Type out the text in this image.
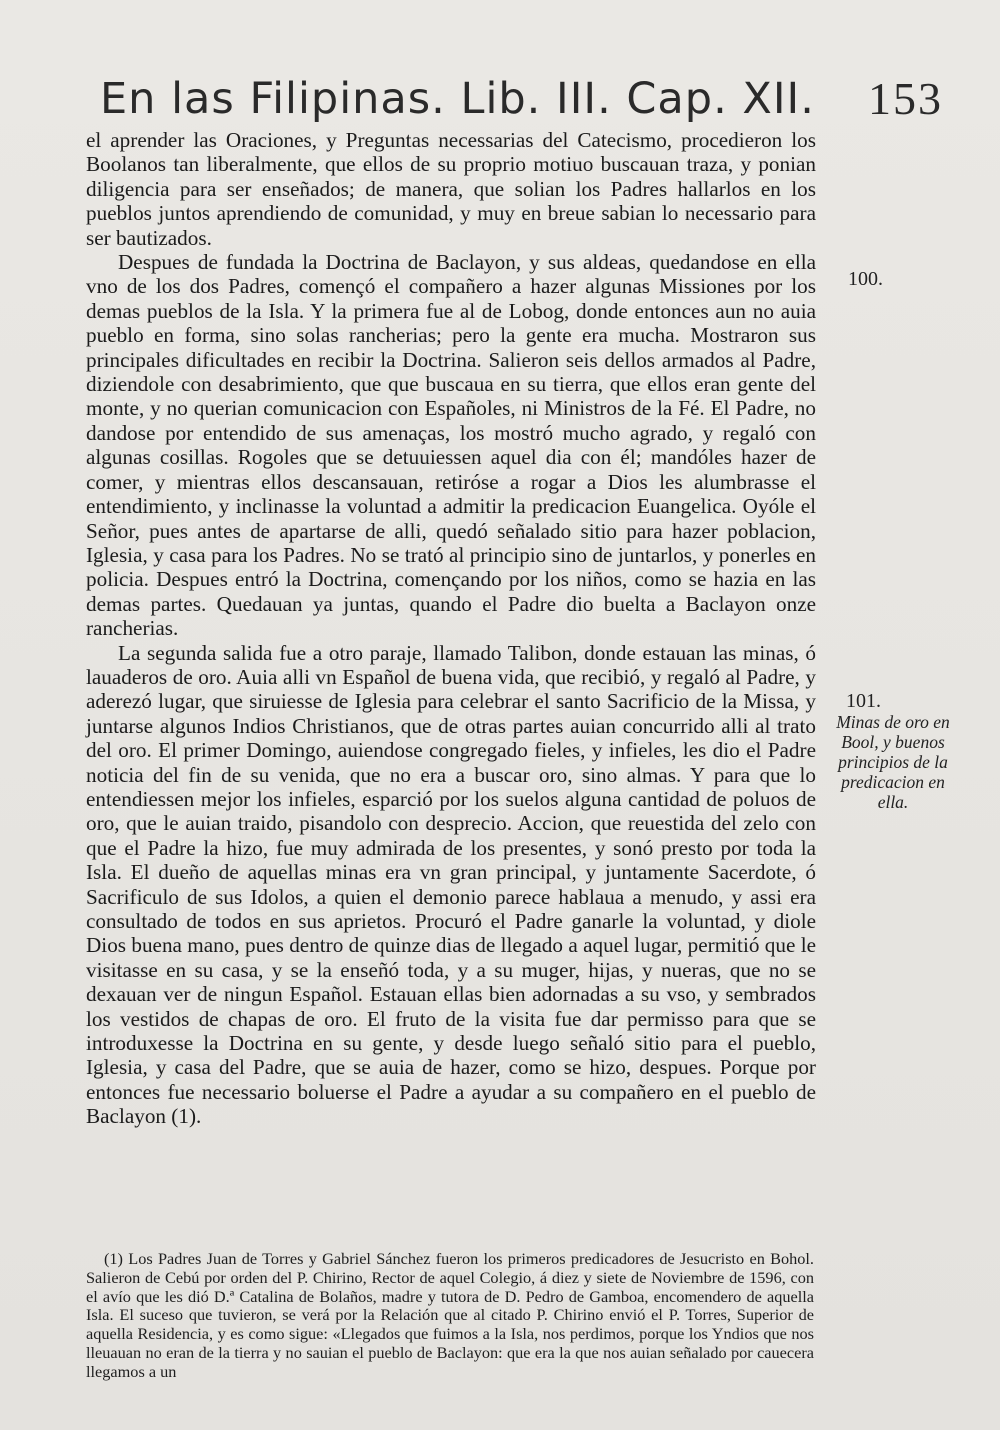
En las Filipinas. Lib. III. Cap. XII. 153

el aprender las Oraciones, y Preguntas necessarias del Catecismo, procedieron los Boolanos tan liberalmente, que ellos de su proprio motiuo buscauan traza, y ponian diligencia para ser enseñados; de manera, que solian los Padres hallarlos en los pueblos juntos aprendiendo de comunidad, y muy en breue sabian lo necessario para ser bautizados.

Despues de fundada la Doctrina de Baclayon, y sus aldeas, quedandose en ella vno de los dos Padres, començó el compañero a hazer algunas Missiones por los demas pueblos de la Isla. Y la primera fue al de Lobog, donde entonces aun no auia pueblo en forma, sino solas rancherias; pero la gente era mucha. Mostraron sus principales dificultades en recibir la Doctrina. Salieron seis dellos armados al Padre, diziendole con desabrimiento, que que buscaua en su tierra, que ellos eran gente del monte, y no querian comunicacion con Españoles, ni Ministros de la Fé. El Padre, no dandose por entendido de sus amenaças, los mostró mucho agrado, y regaló con algunas cosillas. Rogoles que se detuuiessen aquel dia con él; mandóles hazer de comer, y mientras ellos descansauan, retiróse a rogar a Dios les alumbrasse el entendimiento, y inclinasse la voluntad a admitir la predicacion Euangelica. Oyóle el Señor, pues antes de apartarse de alli, quedó señalado sitio para hazer poblacion, Iglesia, y casa para los Padres. No se trató al principio sino de juntarlos, y ponerles en policia. Despues entró la Doctrina, començando por los niños, como se hazia en las demas partes. Quedauan ya juntas, quando el Padre dio buelta a Baclayon onze rancherias.

La segunda salida fue a otro paraje, llamado Talibon, donde estauan las minas, ó lauaderos de oro. Auia alli vn Español de buena vida, que recibió, y regaló al Padre, y aderezó lugar, que siruiesse de Iglesia para celebrar el santo Sacrificio de la Missa, y juntarse algunos Indios Christianos, que de otras partes auian concurrido alli al trato del oro. El primer Domingo, auiendose congregado fieles, y infieles, les dio el Padre noticia del fin de su venida, que no era a buscar oro, sino almas. Y para que lo entendiessen mejor los infieles, esparció por los suelos alguna cantidad de poluos de oro, que le auian traido, pisandolo con desprecio. Accion, que reuestida del zelo con que el Padre la hizo, fue muy admirada de los presentes, y sonó presto por toda la Isla. El dueño de aquellas minas era vn gran principal, y juntamente Sacerdote, ó Sacrificulo de sus Idolos, a quien el demonio parece hablaua a menudo, y assi era consultado de todos en sus aprietos. Procuró el Padre ganarle la voluntad, y diole Dios buena mano, pues dentro de quinze dias de llegado a aquel lugar, permitió que le visitasse en su casa, y se la enseñó toda, y a su muger, hijas, y nueras, que no se dexauan ver de ningun Español. Estauan ellas bien adornadas a su vso, y sembrados los vestidos de chapas de oro. El fruto de la visita fue dar permisso para que se introduxesse la Doctrina en su gente, y desde luego señaló sitio para el pueblo, Iglesia, y casa del Padre, que se auia de hazer, como se hizo, despues. Porque por entonces fue necessario boluerse el Padre a ayudar a su compañero en el pueblo de Baclayon (1).

100.
101.
Minas de oro en Bool, y buenos principios de la predicacion en ella.

(1) Los Padres Juan de Torres y Gabriel Sánchez fueron los primeros predicadores de Jesucristo en Bohol. Salieron de Cebú por orden del P. Chirino, Rector de aquel Colegio, á diez y siete de Noviembre de 1596, con el avío que les dió D.ª Catalina de Bolaños, madre y tutora de D. Pedro de Gamboa, encomendero de aquella Isla. El suceso que tuvieron, se verá por la Relación que al citado P. Chirino envió el P. Torres, Superior de aquella Residencia, y es como sigue: «Llegados que fuimos a la Isla, nos perdimos, porque los Yndios que nos lleuauan no eran de la tierra y no sauian el pueblo de Baclayon: que era la que nos auian señalado por cauecera llegamos a un
